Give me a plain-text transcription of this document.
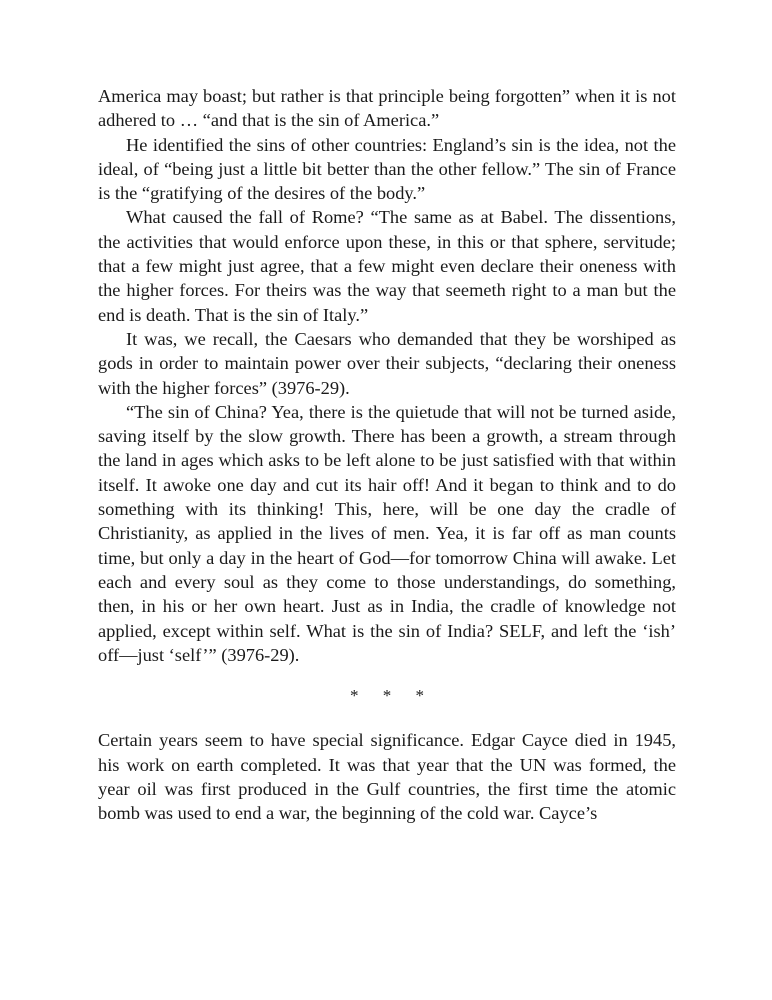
America may boast; but rather is that principle being forgotten” when it is not adhered to … “and that is the sin of America.”

He identified the sins of other countries: England’s sin is the idea, not the ideal, of “being just a little bit better than the other fellow.” The sin of France is the “gratifying of the desires of the body.”

What caused the fall of Rome? “The same as at Babel. The dissentions, the activities that would enforce upon these, in this or that sphere, servitude; that a few might just agree, that a few might even declare their oneness with the higher forces. For theirs was the way that seemeth right to a man but the end is death. That is the sin of Italy.”

It was, we recall, the Caesars who demanded that they be worshiped as gods in order to maintain power over their subjects, “declaring their oneness with the higher forces” (3976-29).

“The sin of China? Yea, there is the quietude that will not be turned aside, saving itself by the slow growth. There has been a growth, a stream through the land in ages which asks to be left alone to be just satisfied with that within itself. It awoke one day and cut its hair off! And it began to think and to do something with its thinking! This, here, will be one day the cradle of Christianity, as applied in the lives of men. Yea, it is far off as man counts time, but only a day in the heart of God—for tomorrow China will awake. Let each and every soul as they come to those understandings, do something, then, in his or her own heart. Just as in India, the cradle of knowledge not applied, except within self. What is the sin of India? SELF, and left the ‘ish’ off—just ‘self’” (3976-29).

* * *

Certain years seem to have special significance. Edgar Cayce died in 1945, his work on earth completed. It was that year that the UN was formed, the year oil was first produced in the Gulf countries, the first time the atomic bomb was used to end a war, the beginning of the cold war. Cayce’s
